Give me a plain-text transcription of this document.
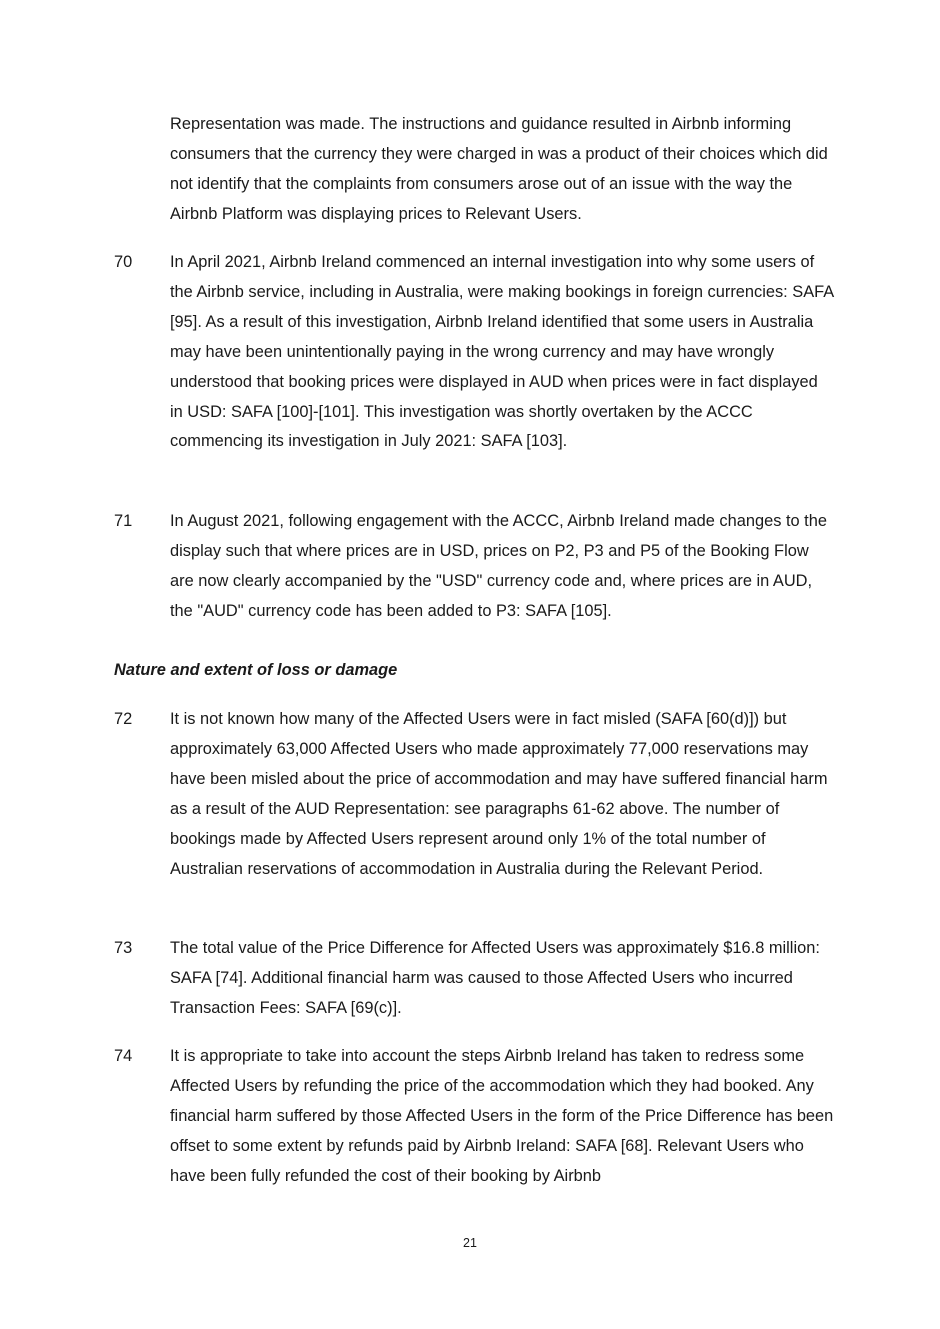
Representation was made. The instructions and guidance resulted in Airbnb informing consumers that the currency they were charged in was a product of their choices which did not identify that the complaints from consumers arose out of an issue with the way the Airbnb Platform was displaying prices to Relevant Users.

70 In April 2021, Airbnb Ireland commenced an internal investigation into why some users of the Airbnb service, including in Australia, were making bookings in foreign currencies: SAFA [95]. As a result of this investigation, Airbnb Ireland identified that some users in Australia may have been unintentionally paying in the wrong currency and may have wrongly understood that booking prices were displayed in AUD when prices were in fact displayed in USD: SAFA [100]-[101]. This investigation was shortly overtaken by the ACCC commencing its investigation in July 2021: SAFA [103].

71 In August 2021, following engagement with the ACCC, Airbnb Ireland made changes to the display such that where prices are in USD, prices on P2, P3 and P5 of the Booking Flow are now clearly accompanied by the "USD" currency code and, where prices are in AUD, the "AUD" currency code has been added to P3: SAFA [105].

Nature and extent of loss or damage

72 It is not known how many of the Affected Users were in fact misled (SAFA [60(d)]) but approximately 63,000 Affected Users who made approximately 77,000 reservations may have been misled about the price of accommodation and may have suffered financial harm as a result of the AUD Representation: see paragraphs 61-62 above. The number of bookings made by Affected Users represent around only 1% of the total number of Australian reservations of accommodation in Australia during the Relevant Period.

73 The total value of the Price Difference for Affected Users was approximately $16.8 million: SAFA [74]. Additional financial harm was caused to those Affected Users who incurred Transaction Fees: SAFA [69(c)].

74 It is appropriate to take into account the steps Airbnb Ireland has taken to redress some Affected Users by refunding the price of the accommodation which they had booked. Any financial harm suffered by those Affected Users in the form of the Price Difference has been offset to some extent by refunds paid by Airbnb Ireland: SAFA [68]. Relevant Users who have been fully refunded the cost of their booking by Airbnb

21
